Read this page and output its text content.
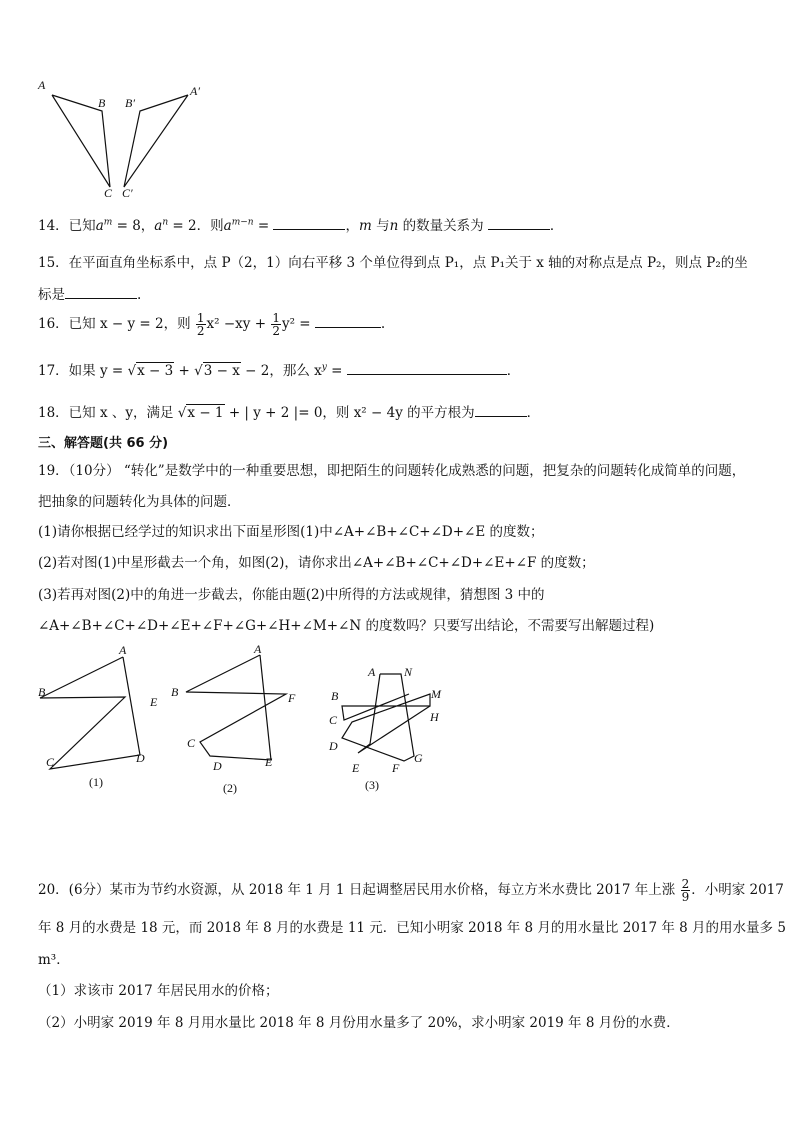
A
B
C
B′
A′
C′
14．已知$a^m = 8$，$a^n = 2$．则$a^{m-n}$ =	，m 与n 的数量关系为	．
15．在平面直角坐标系中，点 P（2，1）向右平移 3 个单位得到点 P₁，点 P₁关于 x 轴的对称点是点 P₂，则点 P₂的坐
标是	.
16．已知 x − y = 2，则 $\frac{1}{2} x^2 -xy + \frac{1}{2} y^2$ =	.
17．如果 y = √x − 3 + √3 − x − 2，那么 $x^y$ =	．
18．已知 x 、y，满足 √x − 1 + | y + 2 |= 0，则 x² − 4y 的平方根为	．
三、解答题(共 66 分)
19．（10分） “转化”是数学中的一种重要思想，即把陌生的问题转化成熟悉的问题，把复杂的问题转化成简单的问题，
把抽象的问题转化为具体的问题．
(1)请你根据已经学过的知识求出下面星形图(1)中∠A+∠B+∠C+∠D+∠E 的度数；
(2)若对图(1)中星形截去一个角，如图(2)，请你求出∠A+∠B+∠C+∠D+∠E+∠F 的度数；
(3)若再对图(2)中的角进一步截去，你能由题(2)中所得的方法或规律，猜想图 3 中的
∠A+∠B+∠C+∠D+∠E+∠F+∠G+∠H+∠M+∠N 的度数吗？只要写出结论，不需要写出解题过程)
A
B
C	D
E
(1)
A
B
C
D	E
F
(2)
A N
B	M
C	H
D
E	F
G
(3)
20．(6分）某市为节约水资源，从 2018 年 1 月 1 日起调整居民用水价格，每立方米水费比 2017 年上涨 $\frac{2}{9}$ ．小明家 2017
年 8 月的水费是 18 元，而 2018 年 8 月的水费是 11 元．已知小明家 2018 年 8 月的用水量比 2017 年 8 月的用水量多 5
m³．
（1）求该市 2017 年居民用水的价格；
（2）小明家 2019 年 8 月用水量比 2018 年 8 月份用水量多了 20%，求小明家 2019 年 8 月份的水费．
